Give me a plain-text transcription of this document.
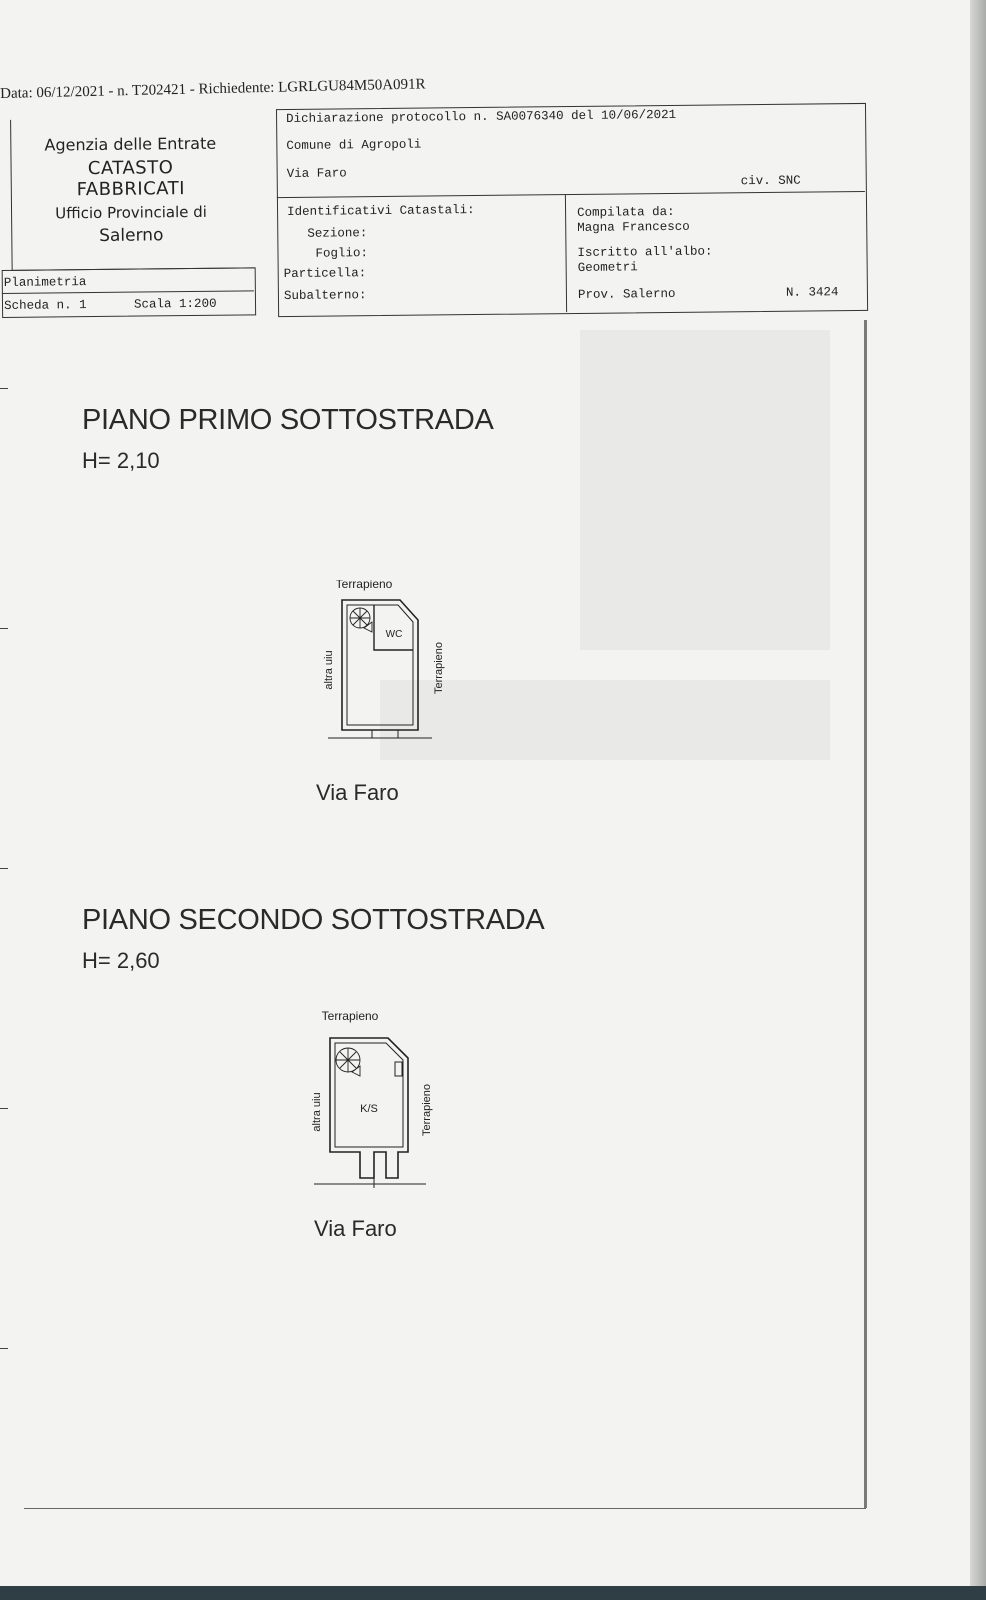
Data: 06/12/2021 - n. T202421 - Richiedente: LGRLGU84M50A091R
Agenzia delle Entrate
CATASTO FABBRICATI
Ufficio Provinciale di
Salerno
Planimetria
Scheda n. 1	Scala 1:200
Dichiarazione protocollo n. SA0076340 del 10/06/2021
Comune di Agropoli
Via Faro	civ. SNC
Identificativi Catastali:
Sezione:
Foglio:
Particella:
Subalterno:
Compilata da:
Magna Francesco
Iscritto all'albo:
Geometri
Prov. Salerno	N. 3424
PIANO PRIMO SOTTOSTRADA
H= 2,10
Terrapieno
WC
altra uiu	Terrapieno
Via Faro
PIANO SECONDO SOTTOSTRADA
H= 2,60
Terrapieno
K/S
altra uiu	Terrapieno
Via Faro
